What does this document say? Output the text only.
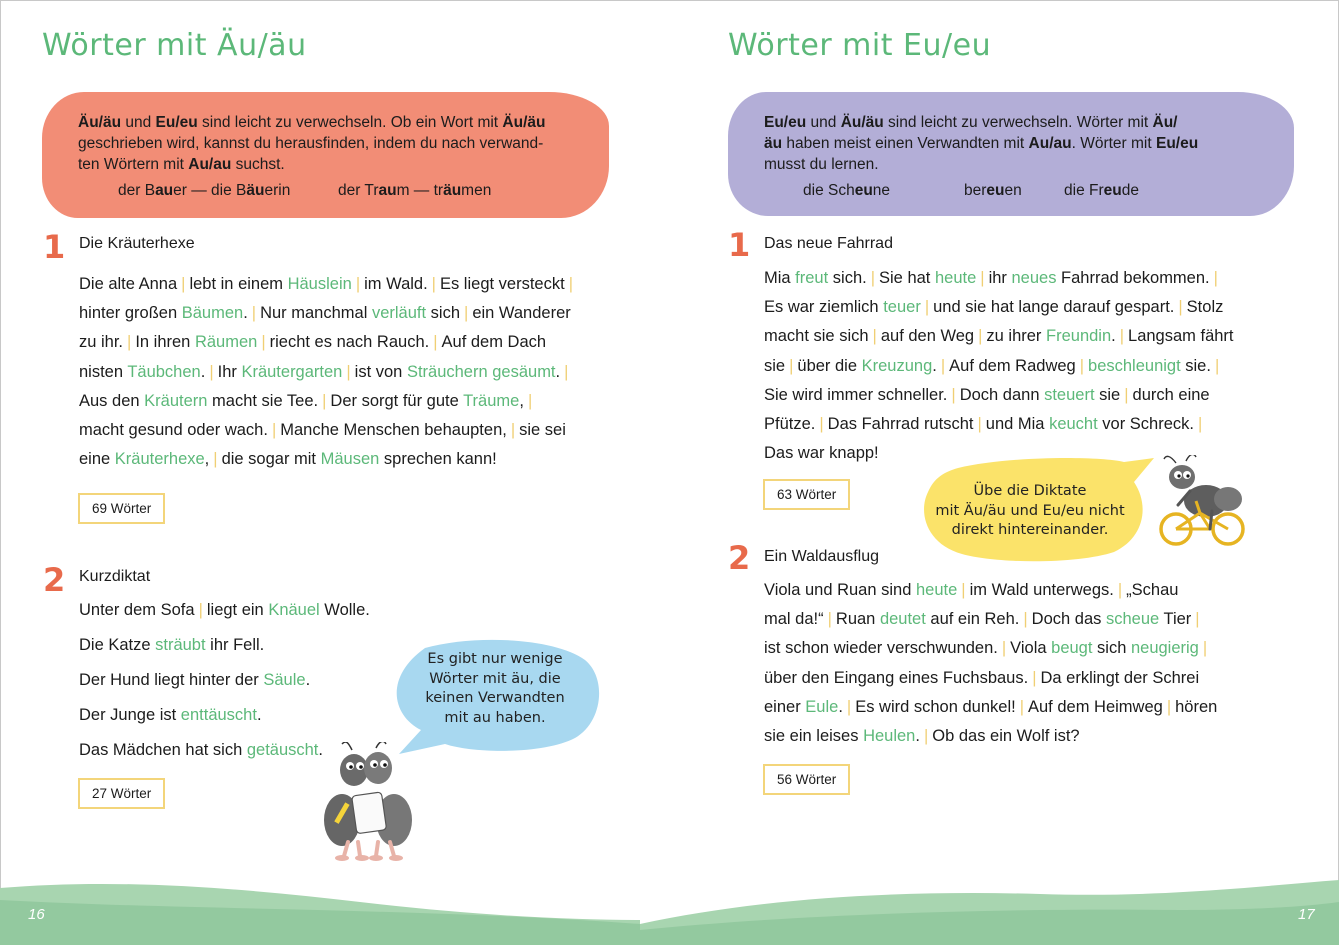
Wörter mit Äu/äu

Äu/äu und Eu/eu sind leicht zu verwechseln. Ob ein Wort mit Äu/äu
geschrieben wird, kannst du herausfinden, indem du nach verwand-
ten Wörtern mit Au/au suchst.

der Bauer — die Bäuerin	der Traum — träumen
1 Die Kräuterhexe

Die alte Anna | lebt in einem Häuslein | im Wald. | Es liegt versteckt |

hinter großen Bäumen. | Nur manchmal verläuft sich | ein Wanderer

zu ihr. | In ihren Räumen | riecht es nach Rauch. | Auf dem Dach

nisten Täubchen. | Ihr Kräutergarten | ist von Sträuchern gesäumt. |

Aus den Kräutern macht sie Tee. | Der sorgt für gute Träume, |

macht gesund oder wach. | Manche Menschen behaupten, | sie sei

eine Kräuterhexe, | die sogar mit Mäusen sprechen kann!

69 Wörter
2 Kurzdiktat

Unter dem Sofa | liegt ein Knäuel Wolle.

Die Katze sträubt ihr Fell.

Der Hund liegt hinter der Säule.

Der Junge ist enttäuscht.

Das Mädchen hat sich getäuscht.

27 Wörter
Es gibt nur wenige
Wörter mit äu, die
keinen Verwandten
mit au haben.
Wörter mit Eu/eu

Eu/eu und Äu/äu sind leicht zu verwechseln. Wörter mit Äu/
äu haben meist einen Verwandten mit Au/au. Wörter mit Eu/eu
musst du lernen.

die Scheune	bereuen	die Freude
1 Das neue Fahrrad

Mia freut sich. | Sie hat heute | ihr neues Fahrrad bekommen. |

Es war ziemlich teuer | und sie hat lange darauf gespart. | Stolz

macht sie sich | auf den Weg | zu ihrer Freundin. | Langsam fährt

sie | über die Kreuzung. | Auf dem Radweg | beschleunigt sie. |

Sie wird immer schneller. | Doch dann steuert sie | durch eine

Pfütze. | Das Fahrrad rutscht | und Mia keucht vor Schreck. |

Das war knapp!

63 Wörter
2 Ein Waldausflug

Viola und Ruan sind heute | im Wald unterwegs. | „Schau

mal da!“ | Ruan deutet auf ein Reh. | Doch das scheue Tier |

ist schon wieder verschwunden. | Viola beugt sich neugierig |

über den Eingang eines Fuchsbaus. | Da erklingt der Schrei

einer Eule. | Es wird schon dunkel! | Auf dem Heimweg | hören

sie ein leises Heulen. | Ob das ein Wolf ist?

56 Wörter
Übe die Diktate
mit Äu/äu und Eu/eu nicht
direkt hintereinander.
16	17
